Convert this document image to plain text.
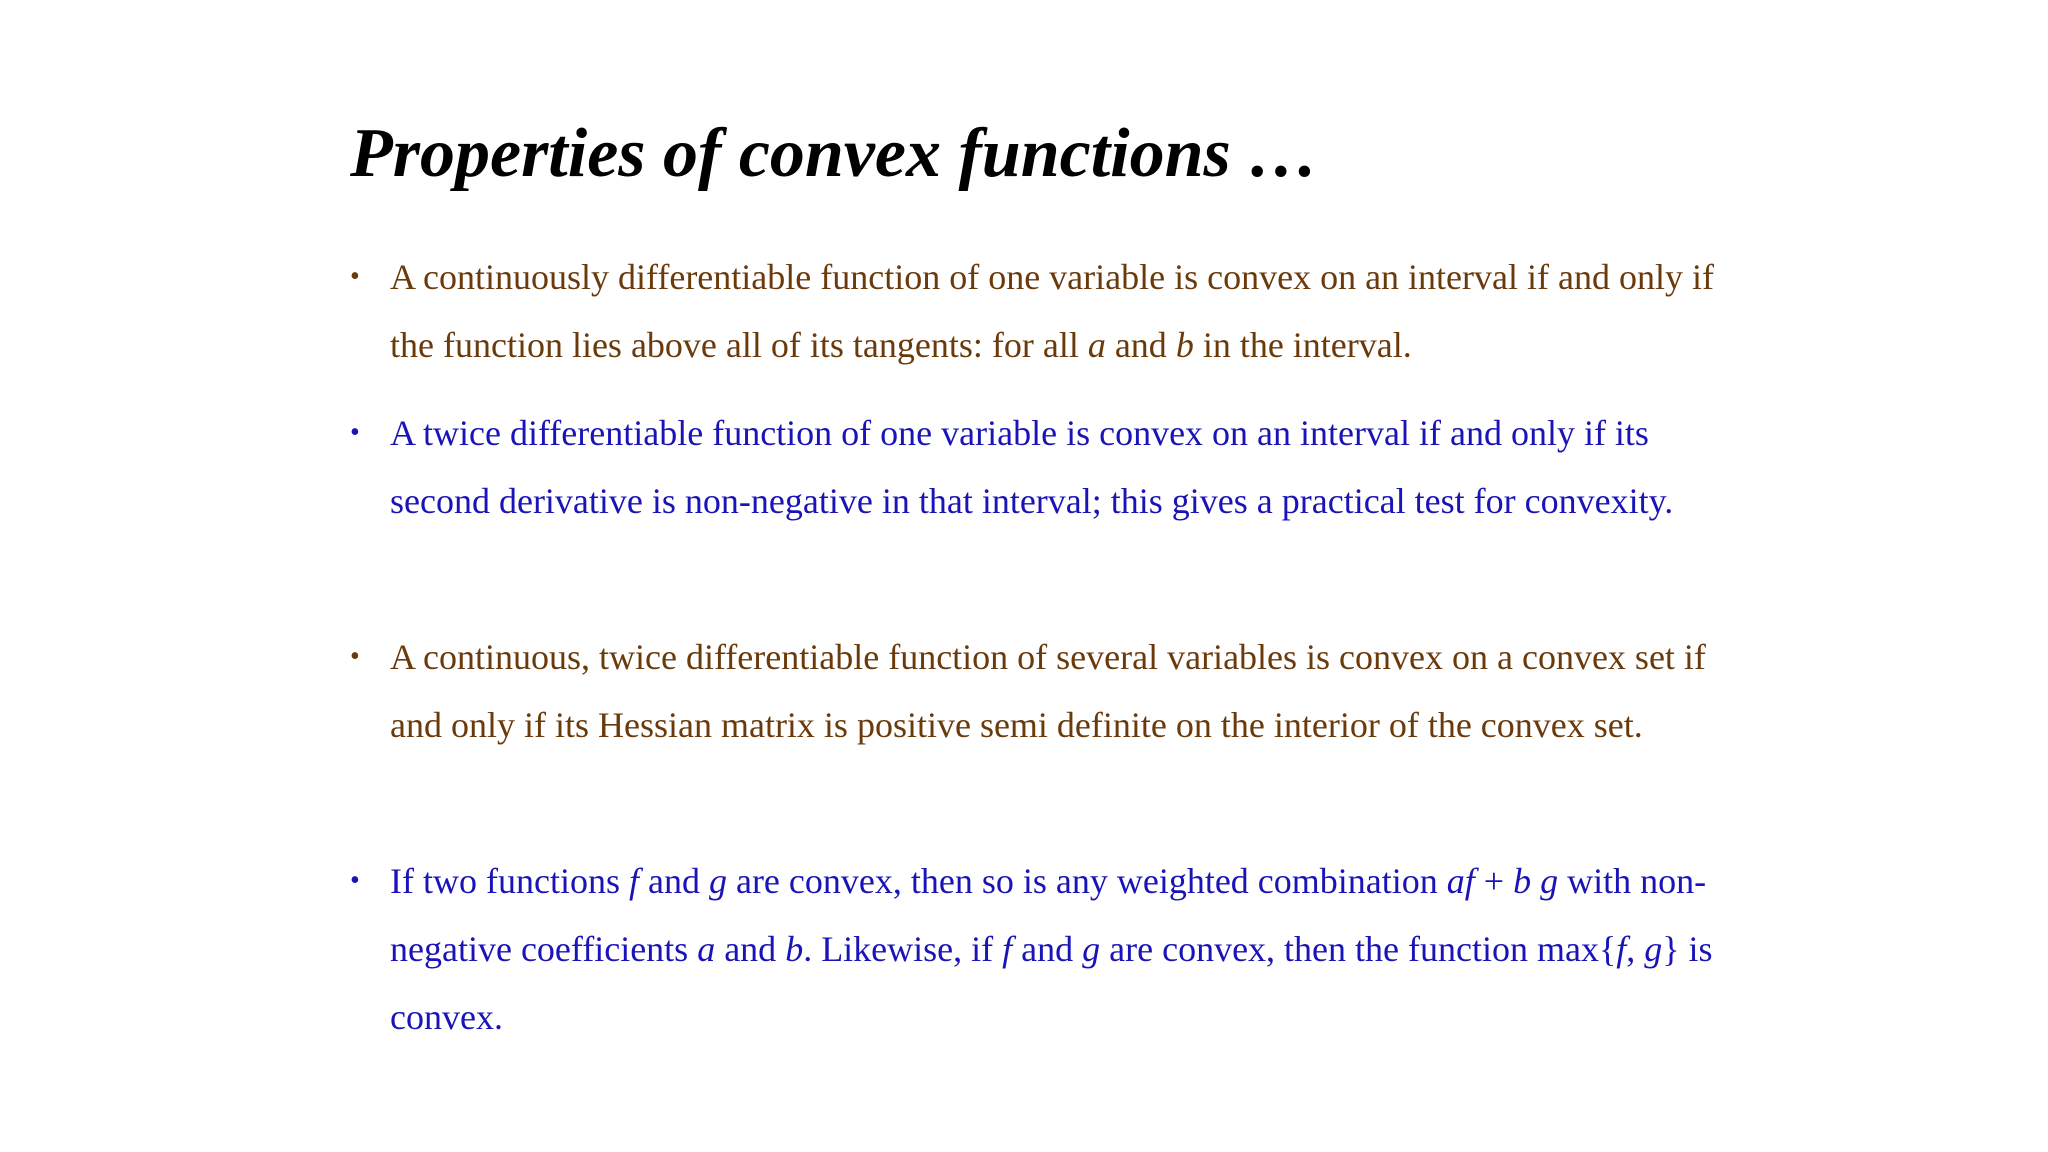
Properties of convex functions …
• A continuously differentiable function of one variable is convex on an interval if and only if the function lies above all of its tangents: for all a and b in the interval.
• A twice differentiable function of one variable is convex on an interval if and only if its second derivative is non-negative in that interval; this gives a practical test for convexity.
• A continuous, twice differentiable function of several variables is convex on a convex set if and only if its Hessian matrix is positive semi definite on the interior of the convex set.
• If two functions f and g are convex, then so is any weighted combination af + b g with non-negative coefficients a and b. Likewise, if f and g are convex, then the function max{f, g} is convex.
